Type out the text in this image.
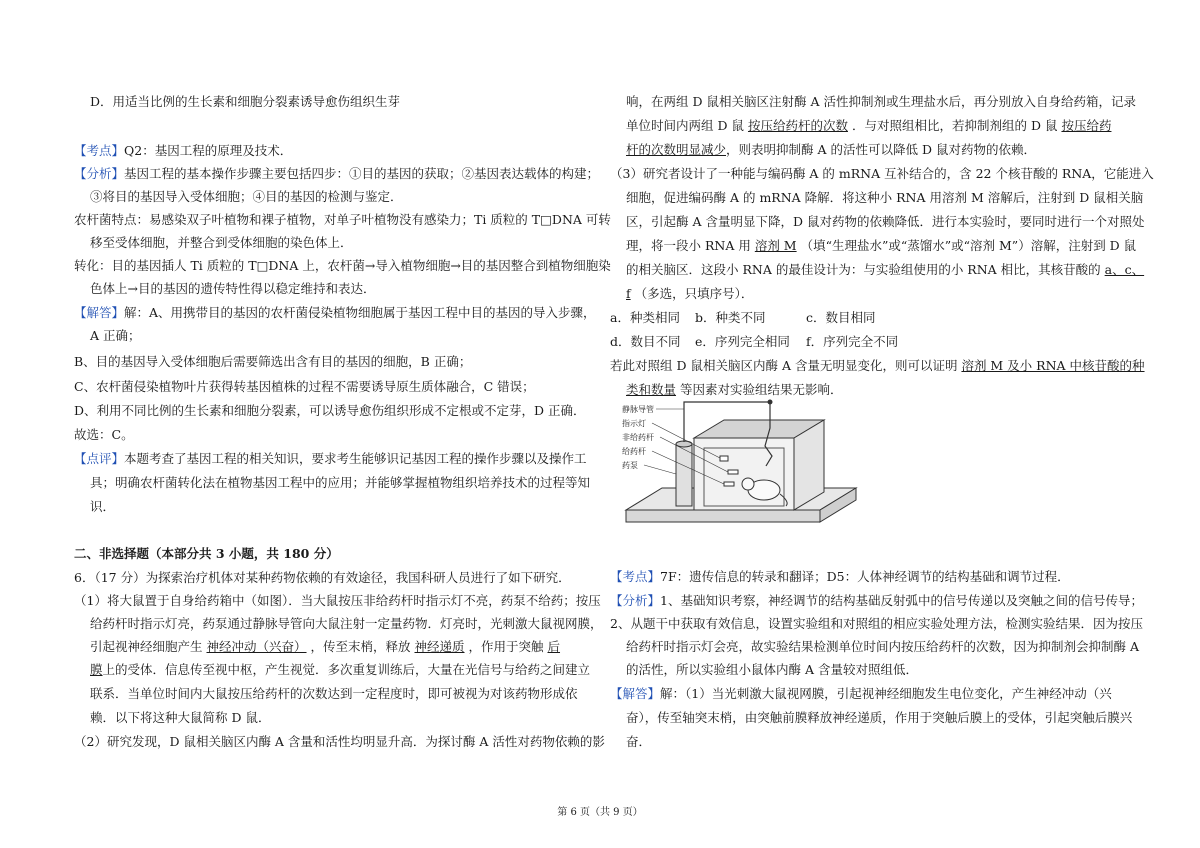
D．用适当比例的生长素和细胞分裂素诱导愈伤组织生芽
【考点】Q2：基因工程的原理及技术．
【分析】基因工程的基本操作步骤主要包括四步：①目的基因的获取；②基因表达载体的构建；
③将目的基因导入受体细胞；④目的基因的检测与鉴定．
农杆菌特点：易感染双子叶植物和裸子植物，对单子叶植物没有感染力；Ti 质粒的 T□DNA 可转
移至受体细胞，并整合到受体细胞的染色体上．
转化：目的基因插人 Ti 质粒的 T□DNA 上，农杆菌→导入植物细胞→目的基因整合到植物细胞染
色体上→目的基因的遗传特性得以稳定维持和表达．
【解答】解：A、用携带目的基因的农杆菌侵染植物细胞属于基因工程中目的基因的导入步骤，
A 正确；
B、目的基因导入受体细胞后需要筛选出含有目的基因的细胞，B 正确；
C、农杆菌侵染植物叶片获得转基因植株的过程不需要诱导原生质体融合，C 错误；
D、利用不同比例的生长素和细胞分裂素，可以诱导愈伤组织形成不定根或不定芽，D 正确．
故选：C。
【点评】本题考查了基因工程的相关知识，要求考生能够识记基因工程的操作步骤以及操作工
具；明确农杆菌转化法在植物基因工程中的应用；并能够掌握植物组织培养技术的过程等知
识．
二、非选择题（本部分共 3 小题，共 180 分）
6．（17 分）为探索治疗机体对某种药物依赖的有效途径，我国科研人员进行了如下研究．
（1）将大鼠置于自身给药箱中（如图）．当大鼠按压非给药杆时指示灯不亮，药泵不给药；按压
给药杆时指示灯亮，药泵通过静脉导管向大鼠注射一定量药物．灯亮时，光刺激大鼠视网膜，
引起视神经细胞产生 神经冲动（兴奋） ，传至末梢，释放 神经递质 ，作用于突触 后
膜上的受体．信息传至视中枢，产生视觉．多次重复训练后，大量在光信号与给药之间建立
联系．当单位时间内大鼠按压给药杆的次数达到一定程度时，即可被视为对该药物形成依
赖．以下将这种大鼠简称 D 鼠．
（2）研究发现，D 鼠相关脑区内酶 A 含量和活性均明显升高．为探讨酶 A 活性对药物依赖的影
响，在两组 D 鼠相关脑区注射酶 A 活性抑制剂或生理盐水后，再分别放入自身给药箱，记录
单位时间内两组 D 鼠 按压给药杆的次数 ．与对照组相比，若抑制剂组的 D 鼠 按压给药
杆的次数明显减少，则表明抑制酶 A 的活性可以降低 D 鼠对药物的依赖．
（3）研究者设计了一种能与编码酶 A 的 mRNA 互补结合的，含 22 个核苷酸的 RNA，它能进入
细胞，促进编码酶 A 的 mRNA 降解．将这种小 RNA 用溶剂 M 溶解后，注射到 D 鼠相关脑
区，引起酶 A 含量明显下降，D 鼠对药物的依赖降低．进行本实验时，要同时进行一个对照处
理，将一段小 RNA 用 溶剂 M （填“生理盐水”或“蒸馏水”或“溶剂 M”）溶解，注射到 D 鼠
的相关脑区．这段小 RNA 的最佳设计为：与实验组使用的小 RNA 相比，其核苷酸的 a、c、
f （多选，只填序号）．
a．种类相同 b．种类不同	c．数目相同
d．数目不同 e．序列完全相同 f．序列完全不同
若此对照组 D 鼠相关脑区内酶 A 含量无明显变化，则可以证明 溶剂 M 及小 RNA 中核苷酸的种
类和数量 等因素对实验组结果无影响．
静脉导管
指示灯
非给药杆
给药杆
药泵
【考点】7F：遗传信息的转录和翻译；D5：人体神经调节的结构基础和调节过程．
【分析】1、基础知识考察，神经调节的结构基础反射弧中的信号传递以及突触之间的信号传导；
2、从题干中获取有效信息，设置实验组和对照组的相应实验处理方法，检测实验结果．因为按压
给药杆时指示灯会亮，故实验结果检测单位时间内按压给药杆的次数，因为抑制剂会抑制酶 A
的活性，所以实验组小鼠体内酶 A 含量较对照组低．
【解答】解：（1）当光刺激大鼠视网膜，引起视神经细胞发生电位变化，产生神经冲动（兴
奋），传至轴突末梢，由突触前膜释放神经递质，作用于突触后膜上的受体，引起突触后膜兴
奋．
第 6 页（共 9 页）
